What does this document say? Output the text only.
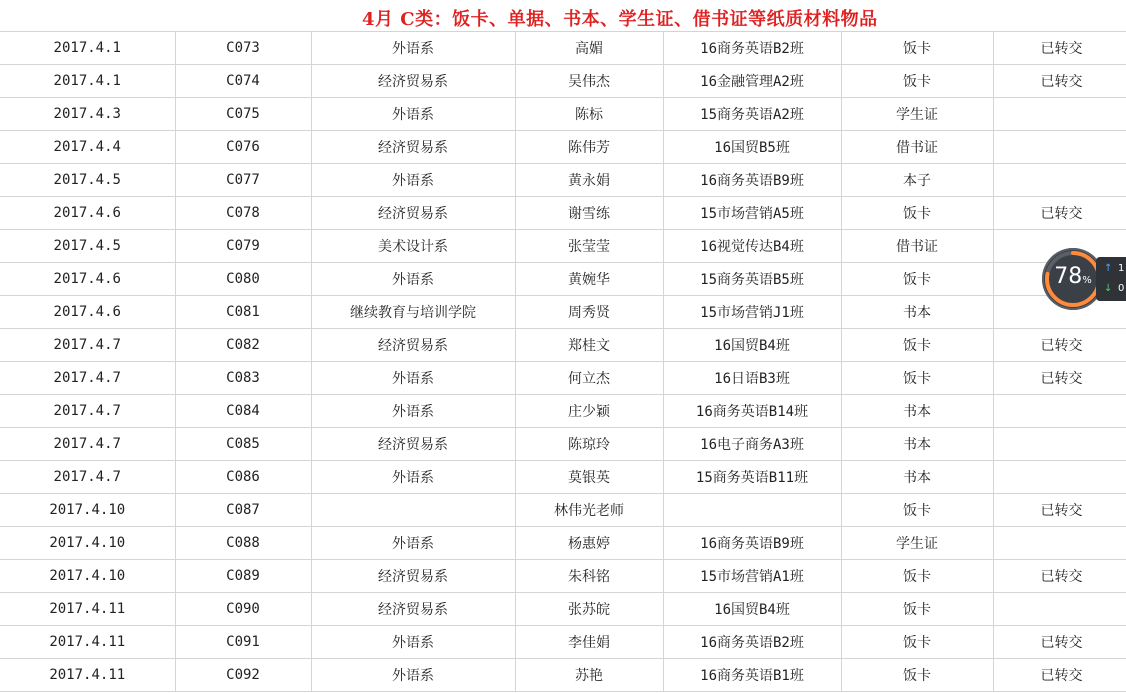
4月 C类：饭卡、单据、书本、学生证、借书证等纸质材料物品
2017.4.1	C073	外语系	高媚	16商务英语B2班	饭卡	已转交
2017.4.1	C074	经济贸易系	吴伟杰	16金融管理A2班	饭卡	已转交
2017.4.3	C075	外语系	陈标	15商务英语A2班	学生证	
2017.4.4	C076	经济贸易系	陈伟芳	16国贸B5班	借书证	
2017.4.5	C077	外语系	黄永娟	16商务英语B9班	本子	
2017.4.6	C078	经济贸易系	谢雪练	15市场营销A5班	饭卡	已转交
2017.4.5	C079	美术设计系	张莹莹	16视觉传达B4班	借书证	
2017.4.6	C080	外语系	黄婉华	15商务英语B5班	饭卡	
2017.4.6	C081	继续教育与培训学院	周秀贤	15市场营销J1班	书本	
2017.4.7	C082	经济贸易系	郑桂文	16国贸B4班	饭卡	已转交
2017.4.7	C083	外语系	何立杰	16日语B3班	饭卡	已转交
2017.4.7	C084	外语系	庄少颖	16商务英语B14班	书本	
2017.4.7	C085	经济贸易系	陈琼玲	16电子商务A3班	书本	
2017.4.7	C086	外语系	莫银英	15商务英语B11班	书本	
2017.4.10	C087		林伟光老师		饭卡	已转交
2017.4.10	C088	外语系	杨惠婷	16商务英语B9班	学生证	
2017.4.10	C089	经济贸易系	朱科铭	15市场营销A1班	饭卡	已转交
2017.4.11	C090	经济贸易系	张苏皖	16国贸B4班	饭卡	
2017.4.11	C091	外语系	李佳娟	16商务英语B2班	饭卡	已转交
2017.4.11	C092	外语系	苏艳	16商务英语B1班	饭卡	已转交
78%
↑ 1
↓ 0
